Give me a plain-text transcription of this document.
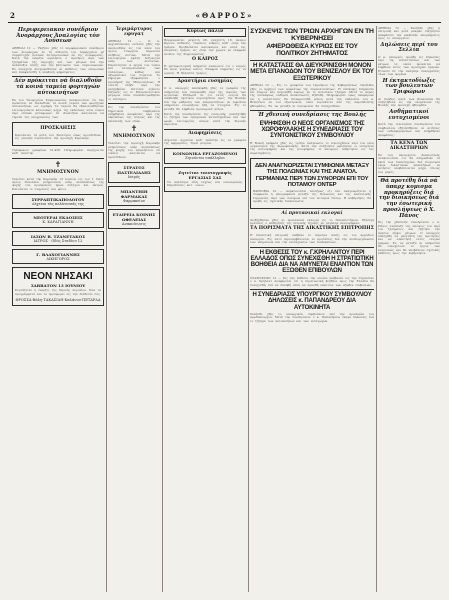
2	«ΘΑΡΡΟΣ»
Περιφερειακον συνέδριον Άνοράρχους Άναλογίας τόν Λοΰσεων
ΑΘΗΝΑΙ 12 — Ήρξατο χθές τό περιφερειακόν συνέδριον των άνοράρχων έν τή αίθούση του Δημαρχείου μέ συμμετοχήν πολλών άντιπροσώπων έκ της περιφερείας. Κατά την έναρξιν ώμίλησεν ό πρόεδρος περί των ζητημάτων της περιοχής καί των μέτρων διά την άνάπτυξιν αύτής καί την βελτίωσιν των συγκοινωνιών. Εν συνεχεία άνεγνώσθησαν αί εκθέσεις των επιτροπών καί άπεφασίσθη η ύποβολή ψηφίσματος.
Δέν πρόκειται νά διαλυθοϋν τά κοινά ταμεία φορτηγών αύτοκινήτων
Εκ του Υπουργείου Συγκοινωνίας ανακοινούται ότι δεν πρόκειται να διαλυθούν τα κοινά ταμεία των φορτηγών αυτοκινήτων, ως εγράφη. Τα ταμεία θα εξακολουθήσουν λειτουργούντα κανονικώς μέχρι της εκδόσεως νέου νόμου περί οδικών μεταφορών. Οι ιδιοκτήται καλούνται να τηρούν τας υποχρεώσεις των.
ΠΡΟΣΚΛΗΣΙΣ
Καλούνται τά μέλη του Συλλόγου όπως προσέλθουν είς γενικήν συνέλευσιν τήν προσεχή Κυριακήν.
Τηλέφωνον γραφείων 31.458. Πληροφορίαι παρέχονται καθ΄ εκάστην.
✝
ΜΝΗΜΟΣΥΝΟΝ
Τελείται κατά την Κυριακήν 13 Ιουνίου εις τον Ι. Ναόν Αγίου Νικολάου μνημόσυνον υπέρ αναπαύσεως της ψυχής του προσφιλούς ημών συζύγου και πατρός. Καλούνται οι συγγενείς και φίλοι.
ΣΥΡΡΑΠΤΙΚΑΠΟΛΟΓΟΥ
Δέχεται τάς πελάτισσάς της
ΝΕΟΤΕΡΑΙ ΕΚΔΟΣΕΙΣ
Κ. ΚΑΡΑΓΙΑΝΝΗ
ΙΑΣΩΝ Β. ΤΖΑΝΕΤΑΚΟΣ
ΙΑΤΡΟΣ · Οδός Σταδίου 12
Γ. ΒΛΑΧΟΓΙΑΝΝΗΣ
ΔΙΚΗΓΟΡΟΣ
ΝΕΟΝ ΝΗΣΑΚΙ
ΣΑΒΒΑΤΟΝ 13 ΙΟΥΝΙΟΥ
Εορτάζεται η έναρξις της θερινής περιόδου. Όλα τα προγράμματα και αι προσφοραί εις την διάθεσίν σας.
ΦΡΟΣΣΑ-Βάλη-ΤΑΚΑΣΙΔΗ-Καλάνου-ΠΕΤΑΡΔΑ
Ίεριμάρτυρος εφυγατ
ΑΘΗΝΑΙ 12 — Ο κ. Αρχιεπίσκοπος ετέλεσε χθές την ακολουθίαν εις τον ναόν του Αγίου Γεωργίου παρουσία πλήθους πιστών. Μετά την λειτουργίαν εψάλη δοξολογία υπέρ των πεσόντων. Παρέστησαν οι αρχαί του τόπου και αντιπροσωπείαι των συλλόγων, καθώς και αξιωματικοί του στρατού. Το κήρυγμα εξεφώνησεν ο ιεροκήρυξ της Μητροπόλεως. Η τελετή έληξε περί την μεσημβρίαν. Κατόπιν εγένετο δεξίωσις εις το Μητροπολιτικόν μέγαρον όπου συνεκεντρώθησαν οι επίσημοι.
Εις την συνεδρίασιν του δημοτικού συμβουλίου ελήφθησαν αποφάσεις περί της υδρεύσεως της πόλεως και της επισκευής των οδών.
✝
ΜΝΗΜΟΣΥΝΟΝ
Τελείται την προσεχή Κυριακήν μνημόσυνον υπέρ αναπαύσεως της ψυχής του αειμνήστου. Οι οικείοι καλούνται να προσέλθουν.
ΣΤΡΑΤΟΣ ΠΑΣΤΕΛΙΑΔΗΣ
Ιατρός
ΜΠΑΝΤΗΙΗ ΦΑΡΜΑΚΑΣ
Φαρμακείον
ΕΤΑΙΡΕΙΑ ΚΟΙΝΗΣ ΩΦΕΛΕΙΑΣ
Ανακοίνωσις
Κυρίως πάλιν
Θερμοκρασία: μεγίστη 28, ελαχίστη 18. Άνεμοι βόρειοι ασθενείς. Ουρανός αίθριος καθ΄ όλην την ημέραν. Προβλέπεται καλοκαιρία και κατά τας επομένας ημέρας εις όλην την χώραν με ελαφράν άνοδον της θερμοκρασίας.
Ο ΚΑΙΡΟΣ
Η μετεωρολογική υπηρεσία ανακοινοί ότι ο καιρός θα είναι γενικώς καλός. Ελαφραί νεφώσεις εις τα ορεινά. Η θάλασσα ήρεμος.
Δραστήρια ευσημίας
Ο κ. υπουργός επεσκέφθη χθες τα γραφεία της υπηρεσίας και ενημερώθη περί της πορείας των εργασιών. Εδήλωσε δε ότι εντός ολίγου θα υποβληθή σχετικόν νομοσχέδιον προς την Βουλήν διά την ρύθμισιν των εκκρεμοτήτων. Αι αρμόδιαι υπηρεσίαι ετοιμάζουν ήδη τα στοιχεία. Εις το μεταξύ θα ληφθούν προσωρινά μέτρα.
Κατά την συνεδρίασιν της επιτροπής συνεζητήθη το ζήτημα των εμπορικών καταστημάτων και των ωρών λειτουργίας αυτών κατά την θερινήν περίοδον.
Διαφημίσεις
Δέχονται αγγελίαι καθ΄ εκάστην εις τα γραφεία της εφημερίδος. Τιμαί μετρίαι.
ΚΟΙΝΩΝΙΚΑ ΕΡΓΑΖΟΜΕΝΟΙ
Ζητούνται υπάλληλοι
Ζητείται ταινιογραφίς ΕΡΓΑΣΙΑΣ ΣΑΣ
Τα καλύτερα είδη ταχέως και οικονομικώς. Παραδόσεις κατ΄ οίκον.
ΣΥΣΚΕΨΙΣ ΤΩΝ ΤΡΙΩΝ ΑΡΧΗΓΩΝ ΕΝ ΤΗ ΚΥΒΕΡΝΗΣΕΙ
ΑΦΙΕΡΩΘΕΙΣΑ ΚΥΡΙΩΣ ΕΙΣ ΤΟΥ ΠΟΛΙΤΙΚΟΥ ΖΗΤΗΜΑΤΟΣ
Η ΚΑΤΑΣΤΑΣΙΣ ΘΑ ΔΙΕΥΚΡΙΝΙΣΘΗ ΜΟΝΟΝ ΜΕΤΑ ΕΠΑΝΟΔΟΝ ΤΟΥ ΒΕΝΙΖΕΛΟΥ ΕΚ ΤΟΥ ΕΞΩΤΕΡΙΚΟΥ
ΑΘΗΝΑΙ 12 — Εις το γραφείον του Προέδρου της Κυβερνήσεως συνήλθον χθες οι αρχηγοί των κομμάτων της συμπολιτεύσεως. Η σύσκεψις διήρκεσεν επί δίωρον και ησχολήθη κυρίως με το πολιτικόν ζήτημα. Μετά το πέρας της συσκέψεως ουδεμία ανακοίνωσις εξεδόθη. Πληροφορίαι όμως αναφέρουν ότι η κατάστασις θα διευκρινισθή μόνον μετά την επάνοδον του κ. Βενιζέλου εκ του εξωτερικού, όπου ευρίσκεται από της παρελθούσης εβδομάδος. Εν τω μεταξύ αι συνομιλίαι θα συνεχισθούν.
Ή χθεσινή συνεδρίασις της Βουλής
ΕΨΗΦΙΣΘΗ Ο ΝΕΟΣ ΟΡΓΑΝΙΣΜΟΣ ΤΗΣ ΧΩΡΟΦΥΛΑΚΗΣ Η ΣΥΝΕΔΡΙΑΣΙΣ ΤΟΥ ΣΥΝΤΟΝΙΣΤΙΚΟΥ ΣΥΜΒΟΥΛΙΟΥ
Η Βουλή εψήφισε χθες εις τρίτην ανάγνωσιν το νομοσχέδιον περί του νέου οργανισμού της Χωροφυλακής. Κατά την συζήτησιν ωμίλησαν οι εισηγηταί της πλειοψηφίας και της μειοψηφίας. Ο υπουργός απήντησεν εις τας παρατηρήσεις.
ΔΕΝ ΑΝΑΓΝΩΡΙΖΕΤΑΙ ΣΥΜΦΩΝΙΑ ΜΕΤΑΞΥ ΤΗΣ ΠΟΛΩΝΙΑΣ ΚΑΙ ΤΗΣ ΑΝΑΤΟΛ. ΓΕΡΜΑΝΙΑΣ ΠΕΡΙ ΤΩΝ ΣΥΝΟΡΩΝ ΕΠΙ ΤΟΥ ΠΟΤΑΜΟΥ ΟΝΤΕΡ
ΒΑΡΣΟΒΙΑ 12 — Ανακοινούται επισήμως ότι δεν αναγνωρίζεται η συμφωνία η υπογραφείσα μεταξύ της Πολωνίας και της Ανατολικής Γερμανίας περί των συνόρων επί του ποταμού Όντερ. Η κυβέρνησις θα προβή εις σχετικήν διακοίνωσιν.
Αί πρυτανικαί εκλογαί
Διεξήχθησαν χθες αι πρυτανικαί εκλογαί εις το Πανεπιστήμιον. Εξελέγη πρύτανις ο καθηγητής της Ιατρικής Σχολής με μεγάλην πλειοψηφίαν.
ΤΑ ΠΟΡΙΣΜΑΤΑ ΤΗΣ ΔΙΚΑΣΤΙΚΗΣ ΕΠΙΤΡΟΠΗΣ
Η δικαστική επιτροπή υπέβαλε το πόρισμα αυτής εις τον αρμόδιον υπουργόν. Εις αυτό περιλαμβάνονται αι προτάσεις διά την αναδιοργάνωσιν των υπηρεσιών και την επιτάχυνσιν των διαδικασιών.
Η ΕΚΘΕΣΙΣ ΤΟΥ κ. Γ.ΚΡΗΛΑΝΤΟΥ ΠΕΡΙ ΕΛΛΑΔΟΣ ΟΠΩΣ ΣΥΝΕΧΙΣΘΗ Η ΣΤΡΑΤΙΩΤΙΚΗ ΒΟΗΘΕΙΑ ΔΙΑ ΝΑ ΑΜΥΝΕΤΑΙ ΕΝΑΝΤΙΟΝ ΤΩΝ ΕΞΩΘΕΝ ΕΠΙΒΟΥΛΩΝ
ΟΥΑΣΙΓΚΤΩΝ 12 — Εις την έκθεσιν την οποίαν υπέβαλεν εις την Γερουσίαν ο κ. Κρήλαντ αναφέρεται ότι η στρατιωτική βοήθεια προς την Ελλάδα θα συνεχισθή, διά να δυνηθή αύτη να αμυνθή εναντίον των εξωθεν επιβουλών.
Η ΣΥΝΕΔΡΙΑΣΙΣ ΥΠΟΥΡΓΙΚΟΥ ΣΥΜΒΟΥΛΙΟΥ ΔΗΛΩΣΕΙΣ κ. ΠΑΠΑΝΔΡΕΟΥ ΔΙΑ ΑΥΤΟΚΙΝΗΤΑ
Συνήλθε χθες το υπουργικόν συμβούλιον υπό την προεδρίαν του πρωθυπουργού. Μετά την συνεδρίασιν ο κ. Παπανδρέου έκαμε δηλώσεις διά το ζήτημα των αυτοκινήτων και των εισαγωγών.
ΑΘΗΝΑΙ 12 — Συνήλθε χθες η επιτροπή και μετά μακράν συζήτησιν απεφάσισε την υποβολήν υπομνήματος προς το υπουργείον.
Δηλώσεις περί του Σελλία
Ο κ. υπουργός προέβη εις δηλώσεις περί της καταστάσεως και των μέτρων τα οποία πρόκειται να ληφθούν εντός των προσεχών ημερών. Ετόνισε δε την ανάγκην συνεργασίας όλων των φορέων.
Η έκτακτοδίωξις των βουλευτών Τριφώρων
Αι διώξεις κατά των βουλευτών θα συζητηθούν εις την ολομέλειαν της Βουλής την προσεχή εβδομάδα.
Ασθήματικοί ευτυχισμένοι
Κατά την τελευταίαν συνεδρίασιν του συμβουλίου εξητάσθησαν αι αιτήσεις των ενδιαφερομένων και ελήφθησαν αποφάσεις.
ΤΑ ΚΕΝΑ ΤΩΝ ΔΙΚΑΣΤΗΡΙΩΝ
Εκ του υπουργείου Δικαιοσύνης ανακοινούται ότι θα πληρωθούν τα κενά των δικαστηρίων διά διορισμού νέων δικαστικών υπαλλήλων. Αι αιτήσεις υποβάλλονται μέχρι τέλους του μηνός.
Θά προτέθη διά νά ύπαρχ κομισμα προκηρύξεις διά την διοικήσεως διά την έσωτερική προσλήψεως ό Χ. Πάνος
Εις την χθεσινήν συνεδρίασιν ο κ. Πάνος ανέπτυξε τας απόψεις του περί του ζητήματος και εζήτησε την άμεσον λήψιν μέτρων. Ο υπουργός υπεσχέθη να μελετήση τας προτάσεις και να απαντήση εντός ολίγων ημερών. Εν τω μεταξύ αι υπηρεσίαι θα συνεχίσουν το έργον των κανονικώς και θα υποβάλουν σχετικάς εκθέσεις προς την κυβέρνησιν.
